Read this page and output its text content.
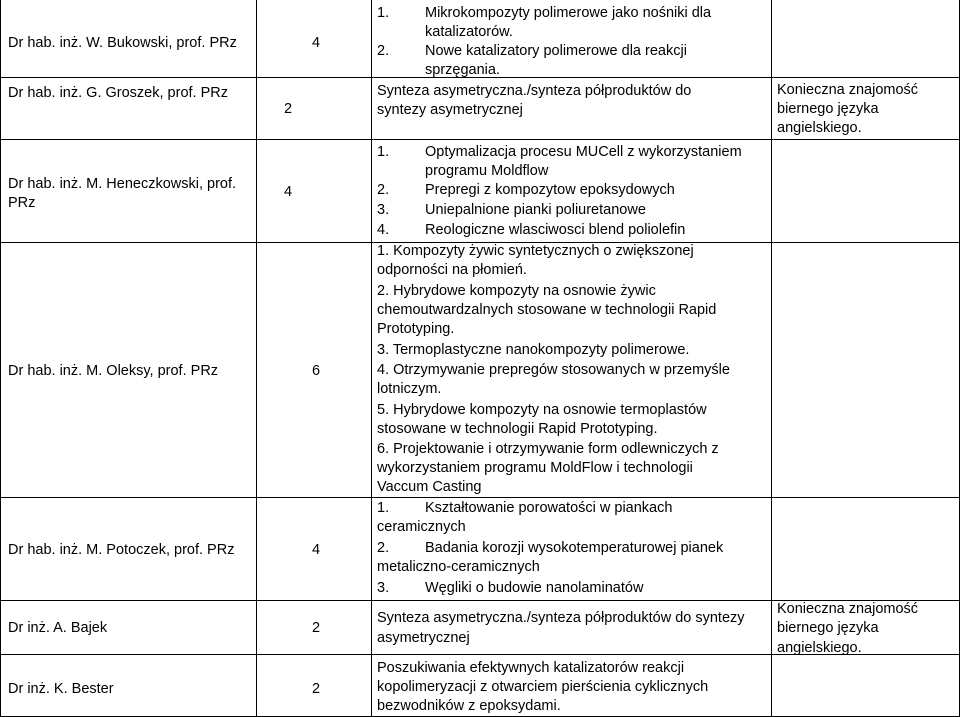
Dr hab. inż. W. Bukowski, prof. PRz
Dr hab. inż. G. Groszek, prof. PRz
Dr hab. inż. M. Heneczkowski, prof.
PRz
Dr hab. inż. M. Oleksy, prof. PRz
Dr hab. inż. M. Potoczek, prof. PRz
Dr inż. A. Bajek
Dr inż. K. Bester
4
2
4
6
4
2
2
1. Mikrokompozyty polimerowe jako nośniki dla
katalizatorów.
2. Nowe katalizatory polimerowe dla reakcji
sprzęgania.
Synteza asymetryczna./synteza półproduktów do
syntezy asymetrycznej
1. Optymalizacja procesu MUCell z wykorzystaniem
programu Moldflow
2. Prepregi z kompozytow epoksydowych
3. Uniepalnione pianki poliuretanowe
4. Reologiczne wlasciwosci blend poliolefin
1. Kompozyty żywic syntetycznych o zwiększonej
odporności na płomień.
2. Hybrydowe kompozyty na osnowie żywic
chemoutwardzalnych stosowane w technologii Rapid
Prototyping.
3. Termoplastyczne nanokompozyty polimerowe.
4. Otrzymywanie prepregów stosowanych w przemyśle
lotniczym.
5. Hybrydowe kompozyty na osnowie termoplastów
stosowane w technologii Rapid Prototyping.
6. Projektowanie i otrzymywanie form odlewniczych z
wykorzystaniem programu MoldFlow i technologii
Vaccum Casting
1. Kształtowanie porowatości w piankach
ceramicznych
2. Badania korozji wysokotemperaturowej pianek
metaliczno-ceramicznych
3. Węgliki o budowie nanolaminatów
Synteza asymetryczna./synteza półproduktów do syntezy
asymetrycznej
Poszukiwania efektywnych katalizatorów reakcji
kopolimeryzacji z otwarciem pierścienia cyklicznych
bezwodników z epoksydami.
Konieczna znajomość
biernego języka
angielskiego.
Konieczna znajomość
biernego języka
angielskiego.
